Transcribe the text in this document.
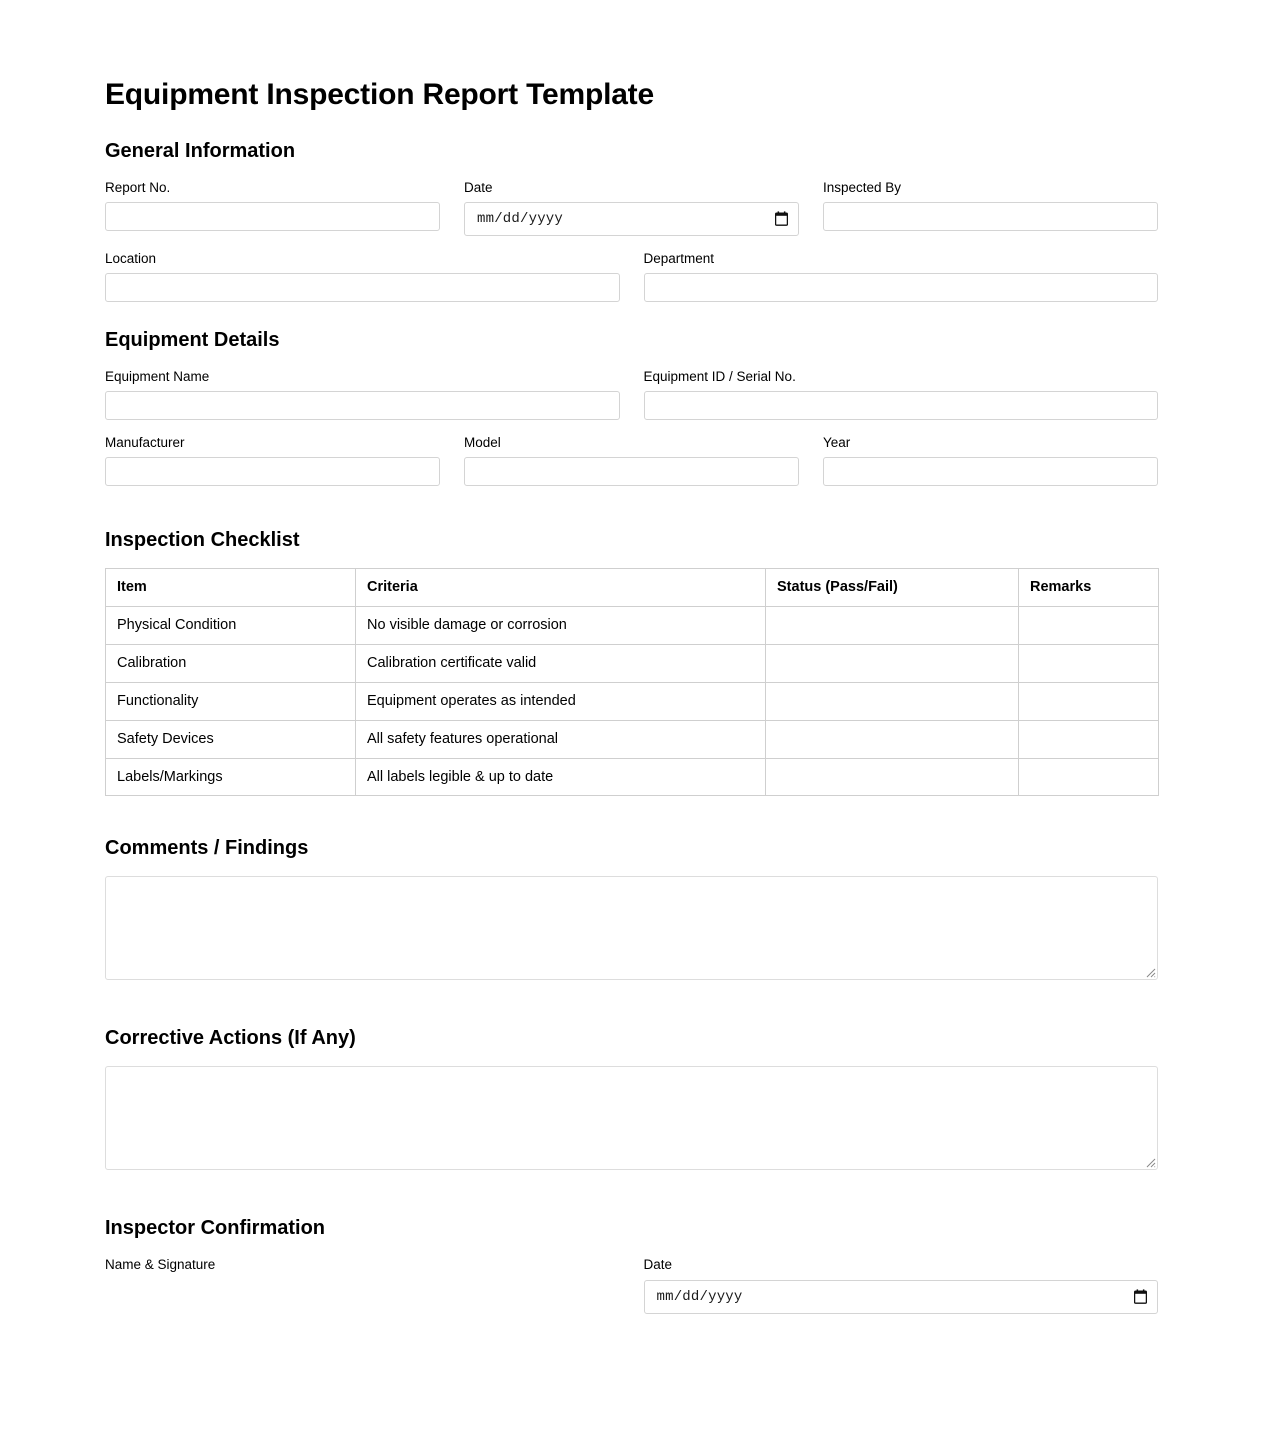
Equipment Inspection Report Template
General Information
Report No.	Date
mm/dd/yyyy
Inspected By
Location	Department
Equipment Details
Equipment Name	Equipment ID / Serial No.
Manufacturer	Model	Year
Inspection Checklist
Item	Criteria	Status (Pass/Fail)	Remarks
Physical Condition	No visible damage or corrosion		
Calibration	Calibration certificate valid		
Functionality	Equipment operates as intended		
Safety Devices	All safety features operational		
Labels/Markings	All labels legible & up to date		
Comments / Findings
Corrective Actions (If Any)
Inspector Confirmation
Name & Signature	Date
mm/dd/yyyy
